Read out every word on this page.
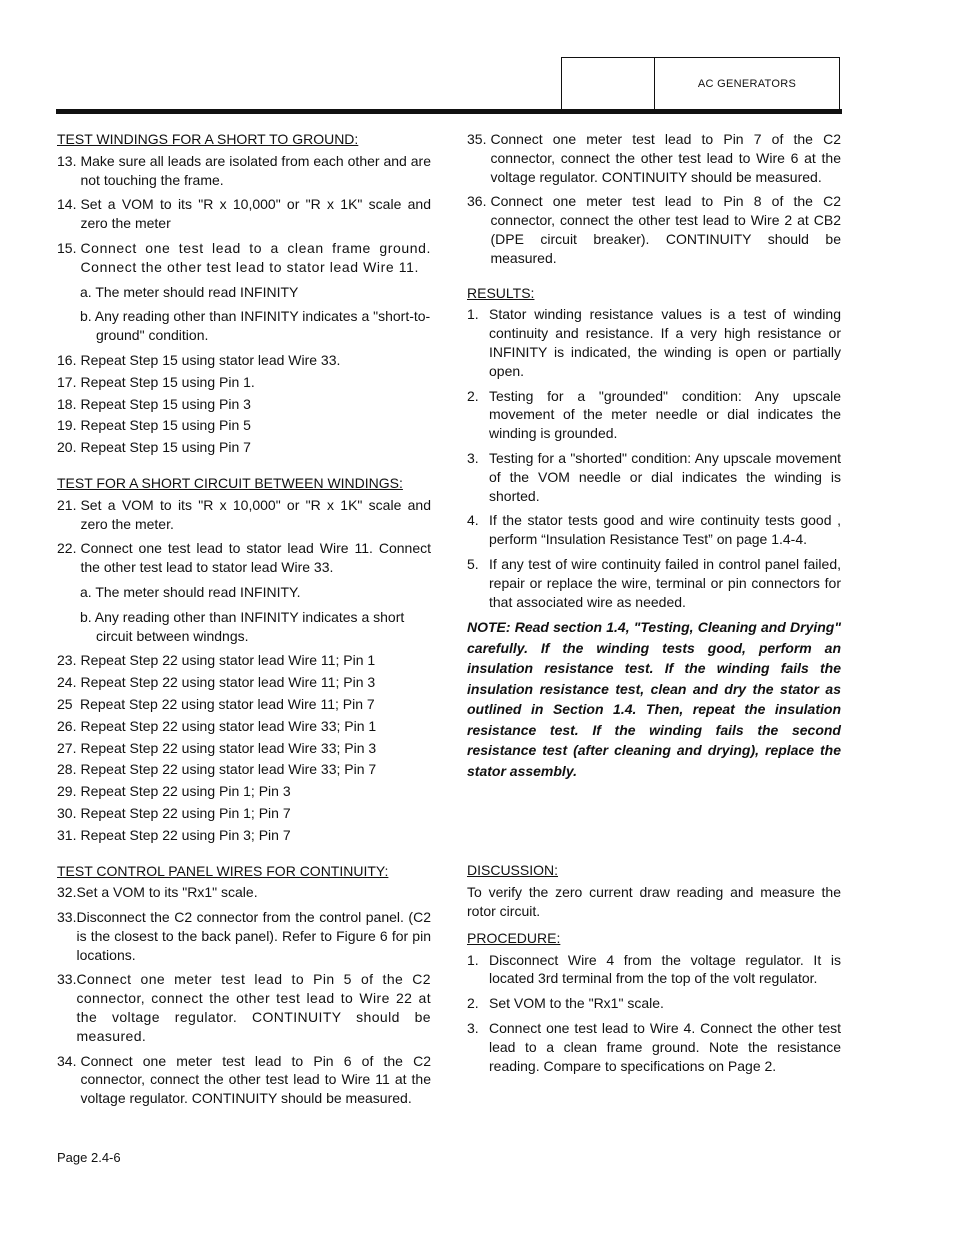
AC GENERATORS
TEST WINDINGS FOR A SHORT TO GROUND:
13. Make sure all leads are isolated from each other and are not touching the frame.
14. Set a VOM to its "R x 10,000" or "R x 1K" scale and zero the meter
15. Connect one test lead to a clean frame ground. Connect the other test lead to stator lead Wire 11.
a. The meter should read INFINITY
b. Any reading other than INFINITY indicates a "short-to-ground" condition.
16. Repeat Step 15 using stator lead Wire 33.
17. Repeat Step 15 using Pin 1.
18. Repeat Step 15 using Pin 3
19. Repeat Step 15 using Pin 5
20. Repeat Step 15 using Pin 7
TEST FOR A SHORT CIRCUIT BETWEEN WINDINGS:
21. Set a VOM to its "R x 10,000" or "R x 1K" scale and zero the meter.
22. Connect one test lead to stator lead Wire 11. Connect the other test lead to stator lead Wire 33.
a. The meter should read INFINITY.
b. Any reading other than INFINITY indicates a short circuit between windngs.
23. Repeat Step 22 using stator lead Wire 11; Pin 1
24. Repeat Step 22 using stator lead Wire 11; Pin 3
25 Repeat Step 22 using stator lead Wire 11; Pin 7
26. Repeat Step 22 using stator lead Wire 33; Pin 1
27. Repeat Step 22 using stator lead Wire 33; Pin 3
28. Repeat Step 22 using stator lead Wire 33; Pin 7
29. Repeat Step 22 using Pin 1; Pin 3
30. Repeat Step 22 using Pin 1; Pin 7
31. Repeat Step 22 using Pin 3; Pin 7
TEST CONTROL PANEL WIRES FOR CONTINUITY:
32. Set a VOM to its "Rx1" scale.
33. Disconnect the C2 connector from the control panel. (C2 is the closest to the back panel). Refer to Figure 6 for pin locations.
33. Connect one meter test lead to Pin 5 of the C2 connector, connect the other test lead to Wire 22 at the voltage regulator. CONTINUITY should be measured.
34. Connect one meter test lead to Pin 6 of the C2 connector, connect the other test lead to Wire 11 at the voltage regulator. CONTINUITY should be measured.
35. Connect one meter test lead to Pin 7 of the C2 connector, connect the other test lead to Wire 6 at the voltage regulator. CONTINUITY should be measured.
36. Connect one meter test lead to Pin 8 of the C2 connector, connect the other test lead to Wire 2 at CB2 (DPE circuit breaker). CONTINUITY should be measured.
RESULTS:
1. Stator winding resistance values is a test of winding continuity and resistance. If a very high resistance or INFINITY is indicated, the winding is open or partially open.
2. Testing for a "grounded" condition: Any upscale movement of the meter needle or dial indicates the winding is grounded.
3. Testing for a "shorted" condition: Any upscale movement of the VOM needle or dial indicates the winding is shorted.
4. If the stator tests good and wire continuity tests good , perform “Insulation Resistance Test” on page 1.4-4.
5. If any test of wire continuity failed in control panel failed, repair or replace the wire, terminal or pin connectors for that associated wire as needed.
NOTE: Read section 1.4, "Testing, Cleaning and Drying" carefully. If the winding tests good, perform an insulation resistance test. If the winding fails the insulation resistance test, clean and dry the stator as outlined in Section 1.4. Then, repeat the insulation resistance test. If the winding fails the second resistance test (after cleaning and drying), replace the stator assembly.
DISCUSSION:
To verify the zero current draw reading and measure the rotor circuit.
PROCEDURE:
1. Disconnect Wire 4 from the voltage regulator. It is located 3rd terminal from the top of the volt regulator.
2. Set VOM to the "Rx1" scale.
3. Connect one test lead to Wire 4. Connect the other test lead to a clean frame ground. Note the resistance reading. Compare to specifications on Page 2.
Page 2.4-6
